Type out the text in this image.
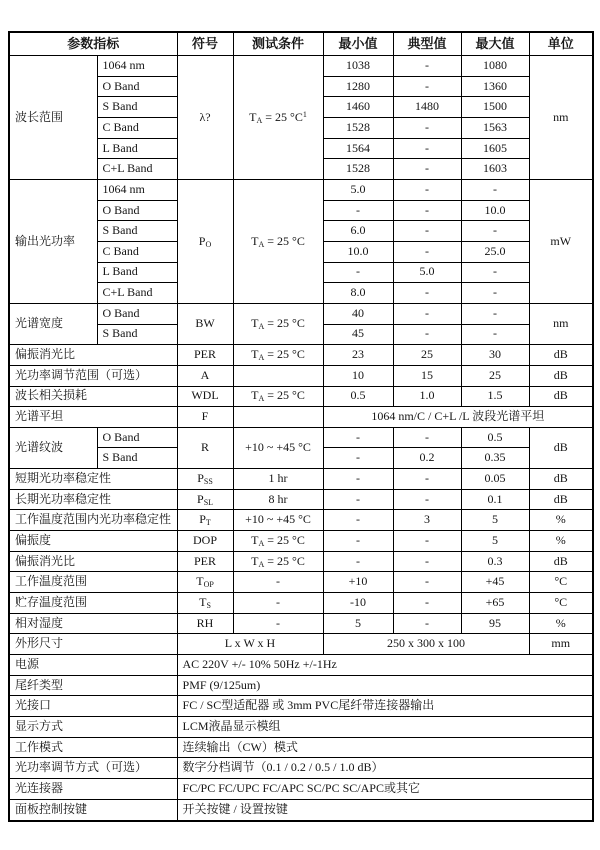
参数指标		符号	测试条件	最小值	典型值	最大值	单位
波长范围	1064 nm	λ?	$T_A = 25$ $^\circ C^1$	1038	-	1080	nm
	O Band			1280	-	1360	
	S Band			1460	1480	1500	
	C Band			1528	-	1563	
	L Band			1564	-	1605	
	C+L Band			1528	-	1603	
输出光功率	1064 nm	$P_O$	$T_A = 25$ °C	5.0	-	-	mW
	O Band			-	-	10.0	
	S Band			6.0	-	-	
	C Band			10.0	-	25.0	
	L Band			-	5.0	-	
	C+L Band			8.0	-	-	
光谱宽度	O Band	BW	$T_A = 25$ °C	40	-	-	nm
	S Band			45	-	-	
偏振消光比		PER	$T_A = 25$ °C	23	25	30	dB
光功率调节范围（可选）		A		10	15	25	dB
波长相关损耗		WDL	$T_A = 25$ °C	0.5	1.0	1.5	dB
光谱平坦		F		1064 nm/C / C+L /L 波段光谱平坦			
光谱纹波	O Band	R	+10 ~ +45 °C	-	-	0.5	dB
	S Band			-	0.2	0.35	
短期光功率稳定性		$P_{SS}$	1 hr	-	-	0.05	dB
长期光功率稳定性		$P_{SL}$	8 hr	-	-	0.1	dB
工作温度范围内光功率稳定性		$P_T$	+10 ~ +45 °C	-	3	5	%
偏振度		DOP	$T_A = 25$ °C	-	-	5	%
偏振消光比		PER	$T_A = 25$ °C	-	-	0.3	dB
工作温度范围		$T_{OP}$	-	+10	-	+45	°C
贮存温度范围		$T_S$	-	-10	-	+65	°C
相对湿度		RH	-	5	-	95	%
外形尺寸		L x W x H		250 x 300 x 100			mm
电源		AC 220V +/- 10% 50Hz +/-1Hz					
尾纤类型		PMF (9/125um)					
光接口		FC / SC型适配器 或 3mm PVC尾纤带连接器输出					
显示方式		LCM液晶显示模组					
工作模式		连续输出（CW）模式					
光功率调节方式（可选）		数字分档调节（0.1 / 0.2 / 0.5 / 1.0 dB）					
光连接器		FC/PC FC/UPC FC/APC SC/PC SC/APC或其它					
面板控制按键		开关按键 / 设置按键					
